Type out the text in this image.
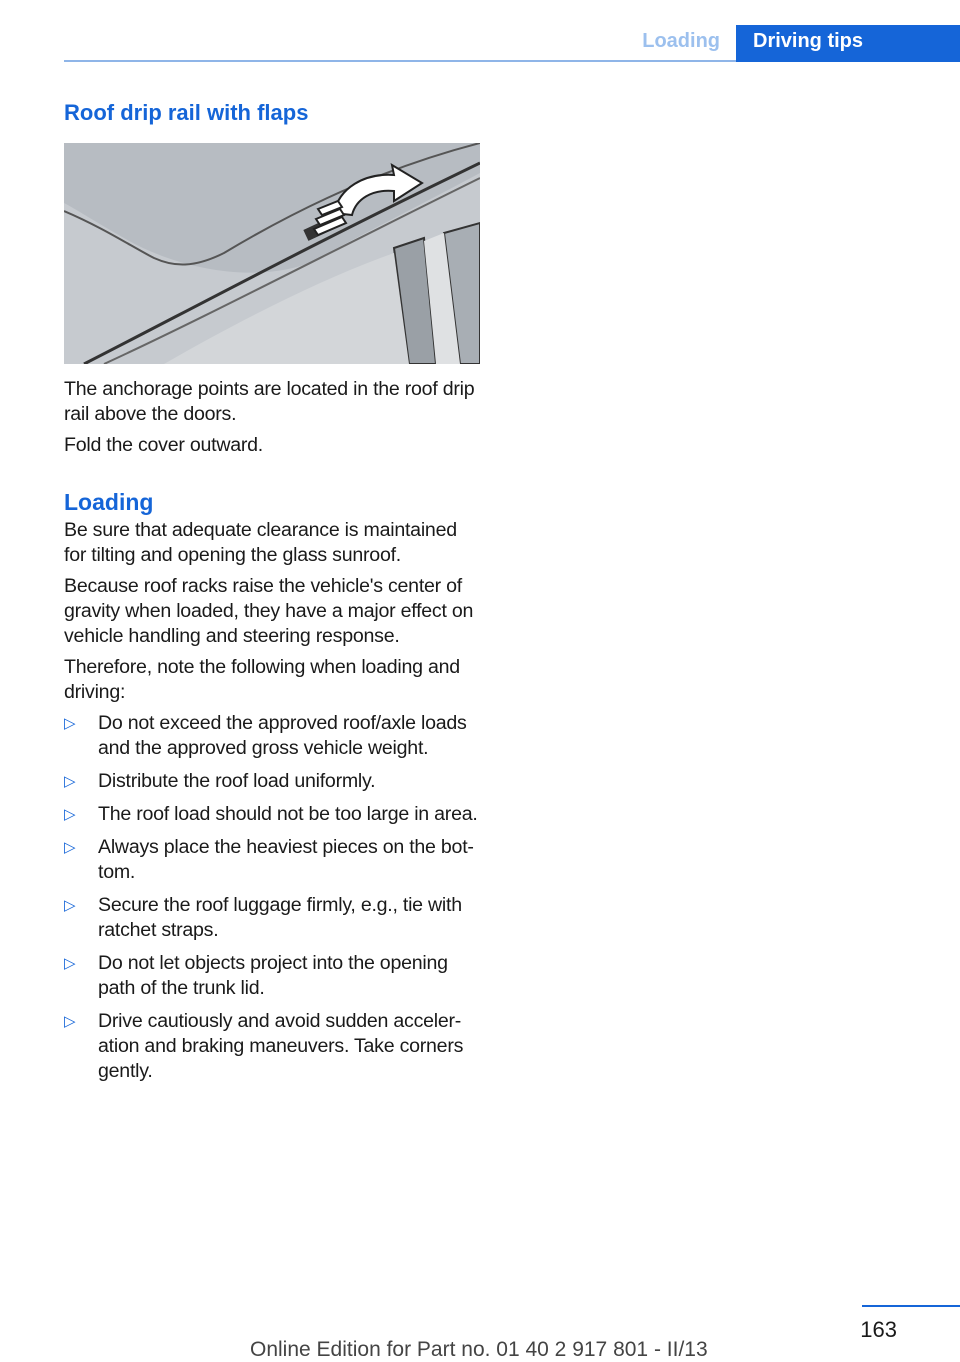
Loading	Driving tips
Roof drip rail with flaps

The anchorage points are located in the roof drip rail above the doors.

Fold the cover outward.

Loading

Be sure that adequate clearance is maintained for tilting and opening the glass sunroof.

Because roof racks raise the vehicle's center of gravity when loaded, they have a major effect on vehicle handling and steering response.

Therefore, note the following when loading and driving:

▷ Do not exceed the approved roof/axle loads and the approved gross vehicle weight.
▷ Distribute the roof load uniformly.
▷ The roof load should not be too large in area.
▷ Always place the heaviest pieces on the bot‐tom.
▷ Secure the roof luggage firmly, e.g., tie with ratchet straps.
▷ Do not let objects project into the opening path of the trunk lid.
▷ Drive cautiously and avoid sudden acceler‐ation and braking maneuvers. Take corners gently.
163
Online Edition for Part no. 01 40 2 917 801 - II/13
